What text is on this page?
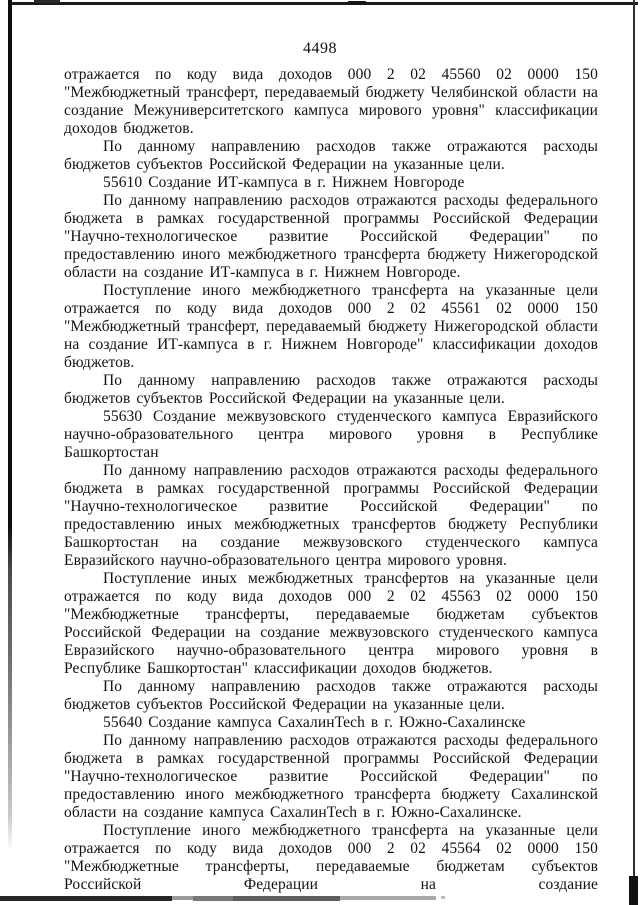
4498

отражается по коду вида доходов 000 2 02 45560 02 0000 150 "Межбюджетный трансферт, передаваемый бюджету Челябинской области на создание Межуниверситетского кампуса мирового уровня" классификации доходов бюджетов.

По данному направлению расходов также отражаются расходы бюджетов субъектов Российской Федерации на указанные цели.

55610 Создание ИТ-кампуса в г. Нижнем Новгороде

По данному направлению расходов отражаются расходы федерального бюджета в рамках государственной программы Российской Федерации "Научно-технологическое развитие Российской Федерации" по предоставлению иного межбюджетного трансферта бюджету Нижегородской области на создание ИТ-кампуса в г. Нижнем Новгороде.

Поступление иного межбюджетного трансферта на указанные цели отражается по коду вида доходов 000 2 02 45561 02 0000 150 "Межбюджетный трансферт, передаваемый бюджету Нижегородской области на создание ИТ-кампуса в г. Нижнем Новгороде" классификации доходов бюджетов.

По данному направлению расходов также отражаются расходы бюджетов субъектов Российской Федерации на указанные цели.

55630 Создание межвузовского студенческого кампуса Евразийского научно-образовательного центра мирового уровня в Республике Башкортостан

По данному направлению расходов отражаются расходы федерального бюджета в рамках государственной программы Российской Федерации "Научно-технологическое развитие Российской Федерации" по предоставлению иных межбюджетных трансфертов бюджету Республики Башкортостан на создание межвузовского студенческого кампуса Евразийского научно-образовательного центра мирового уровня.

Поступление иных межбюджетных трансфертов на указанные цели отражается по коду вида доходов 000 2 02 45563 02 0000 150 "Межбюджетные трансферты, передаваемые бюджетам субъектов Российской Федерации на создание межвузовского студенческого кампуса Евразийского научно-образовательного центра мирового уровня в Республике Башкортостан" классификации доходов бюджетов.

По данному направлению расходов также отражаются расходы бюджетов субъектов Российской Федерации на указанные цели.

55640 Создание кампуса СахалинTech в г. Южно-Сахалинске

По данному направлению расходов отражаются расходы федерального бюджета в рамках государственной программы Российской Федерации "Научно-технологическое развитие Российской Федерации" по предоставлению иного межбюджетного трансферта бюджету Сахалинской области на создание кампуса СахалинTech в г. Южно-Сахалинске.

Поступление иного межбюджетного трансферта на указанные цели отражается по коду вида доходов 000 2 02 45564 02 0000 150 "Межбюджетные трансферты, передаваемые бюджетам субъектов Российской Федерации на создание
